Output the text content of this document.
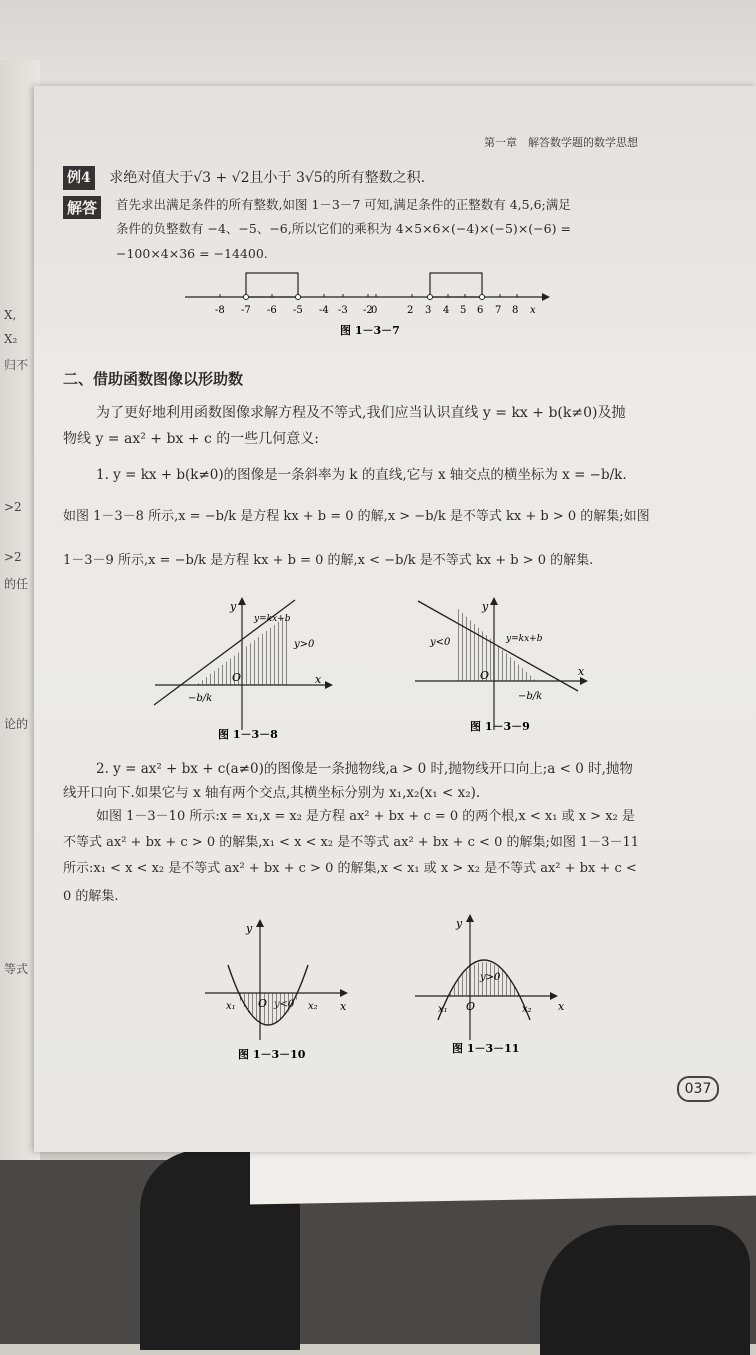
X,
X₂
归不
>2
>2
的任
论的
等式
第一章　解答数学题的数学思想
例4 求绝对值大于√3 + √2且小于 3√5的所有整数之积.
解答	首先求出满足条件的所有整数,如图 1－3－7 可知,满足条件的正整数有 4,5,6;满足
条件的负整数有 −4、−5、−6,所以它们的乘积为 4×5×6×(−4)×(−5)×(−6) =
−100×4×36 = −14400.
-8 -7 -6 -5 -4 -3 -2
0	2 3 4 5 6 7 8 x
图 1－3－7
二、借助函数图像以形助数
为了更好地利用函数图像求解方程及不等式,我们应当认识直线 y = kx + b(k≠0)及抛
物线 y = ax² + bx + c 的一些几何意义:
1. y = kx + b(k≠0)的图像是一条斜率为 k 的直线,它与 x 轴交点的横坐标为 x = −b/k.
如图 1－3－8 所示,x = −b/k 是方程 kx + b = 0 的解,x > −b/k 是不等式 kx + b > 0 的解集;如图
1－3－9 所示,x = −b/k 是方程 kx + b = 0 的解,x < −b/k 是不等式 kx + b > 0 的解集.
y
x
O
y=kx+b
y>0
−b/k
图 1－3－8
y
x
O
y=kx+b
y<0
−b/k
图 1－3－9
2. y = ax² + bx + c(a≠0)的图像是一条抛物线,a > 0 时,抛物线开口向上;a < 0 时,抛物
线开口向下.如果它与 x 轴有两个交点,其横坐标分别为 x₁,x₂(x₁ < x₂).
如图 1－3－10 所示:x = x₁,x = x₂ 是方程 ax² + bx + c = 0 的两个根,x < x₁ 或 x > x₂ 是
不等式 ax² + bx + c > 0 的解集,x₁ < x < x₂ 是不等式 ax² + bx + c < 0 的解集;如图 1－3－11
所示:x₁ < x < x₂ 是不等式 ax² + bx + c > 0 的解集,x < x₁ 或 x > x₂ 是不等式 ax² + bx + c <
0 的解集.
y
x
O
x₁	x₂
y<0
图 1－3－10
y
x
O
x₁	x₂
y>0
图 1－3－11
037
